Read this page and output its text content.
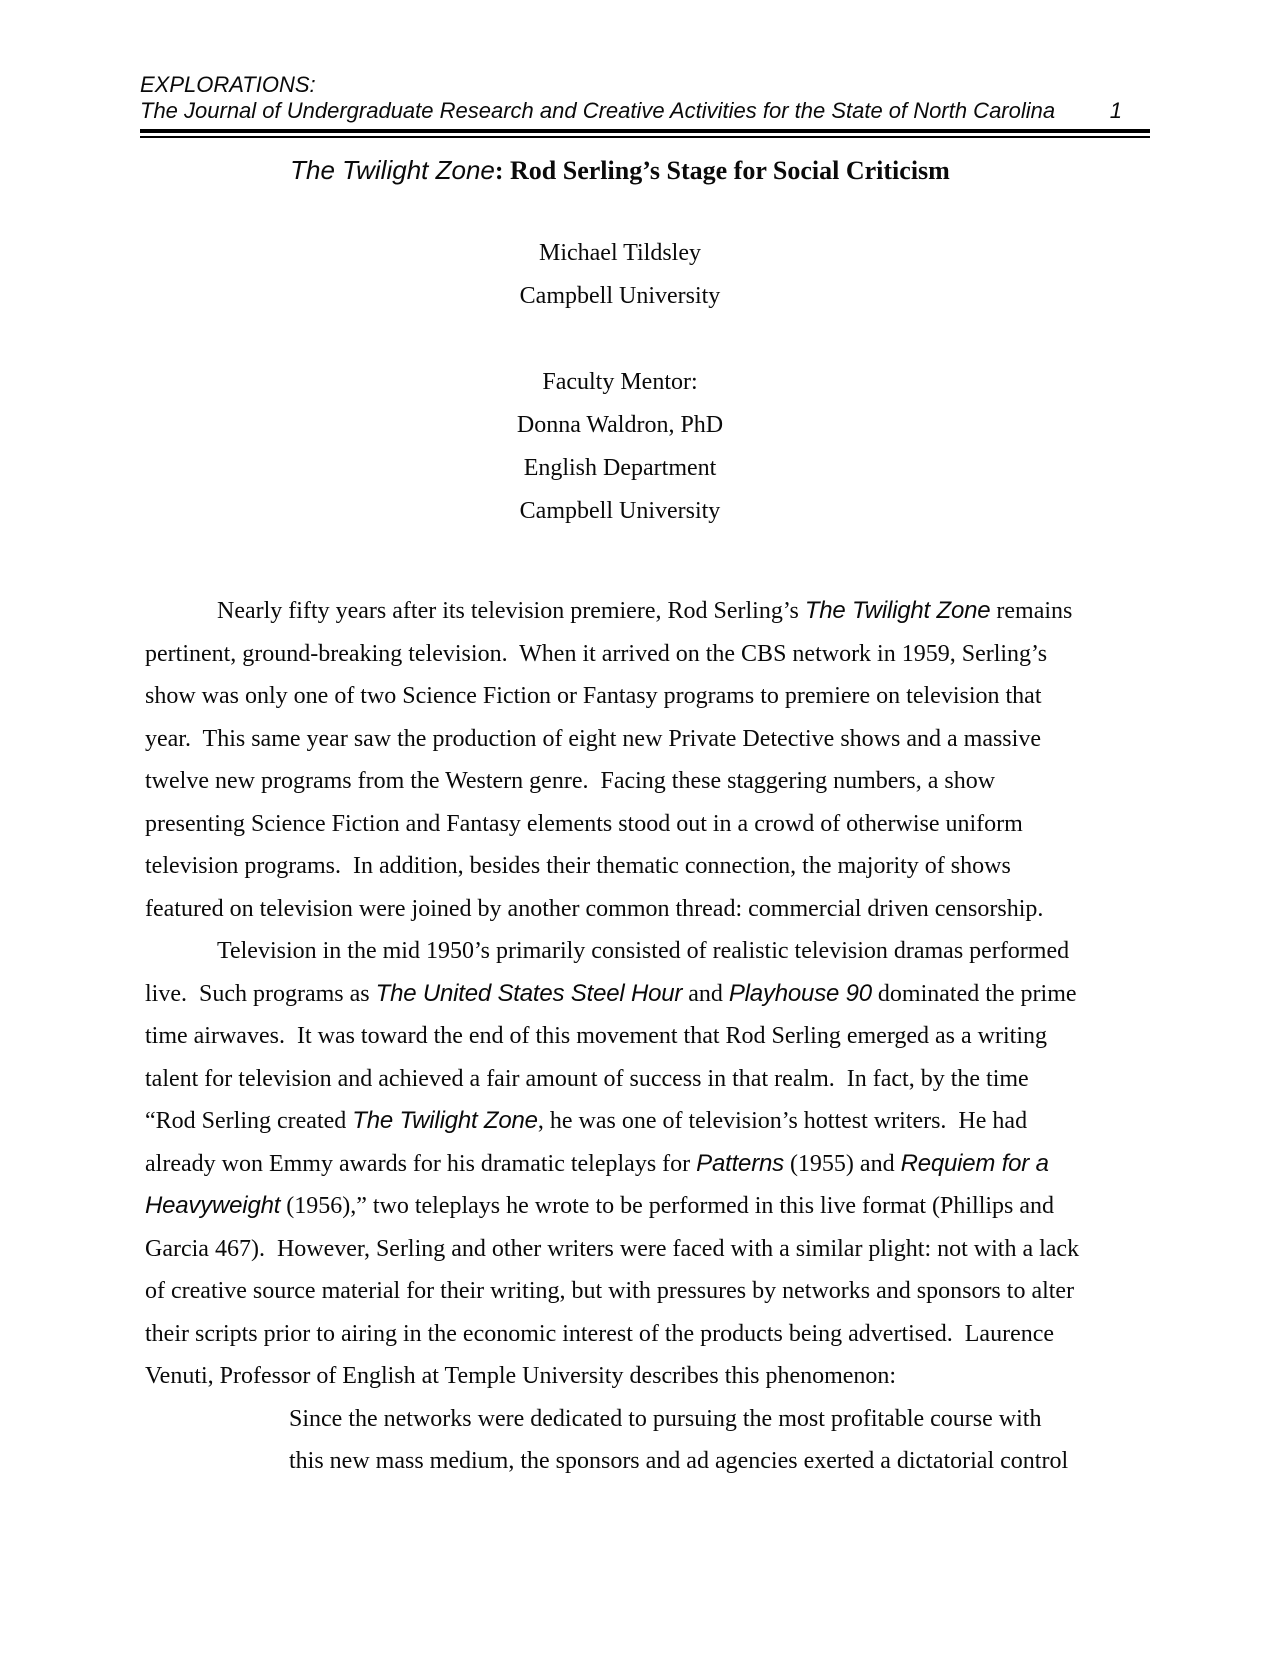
EXPLORATIONS:
The Journal of Undergraduate Research and Creative Activities for the State of North Carolina 1
The Twilight Zone: Rod Serling’s Stage for Social Criticism
Michael Tildsley
Campbell University
Faculty Mentor:
Donna Waldron, PhD
English Department
Campbell University
Nearly fifty years after its television premiere, Rod Serling’s The Twilight Zone remains
pertinent, ground-breaking television.  When it arrived on the CBS network in 1959, Serling’s
show was only one of two Science Fiction or Fantasy programs to premiere on television that
year.  This same year saw the production of eight new Private Detective shows and a massive
twelve new programs from the Western genre.  Facing these staggering numbers, a show
presenting Science Fiction and Fantasy elements stood out in a crowd of otherwise uniform
television programs.  In addition, besides their thematic connection, the majority of shows
featured on television were joined by another common thread: commercial driven censorship.
Television in the mid 1950’s primarily consisted of realistic television dramas performed
live.  Such programs as The United States Steel Hour and Playhouse 90 dominated the prime
time airwaves.  It was toward the end of this movement that Rod Serling emerged as a writing
talent for television and achieved a fair amount of success in that realm.  In fact, by the time
“Rod Serling created The Twilight Zone, he was one of television’s hottest writers.  He had
already won Emmy awards for his dramatic teleplays for Patterns (1955) and Requiem for a
Heavyweight (1956),” two teleplays he wrote to be performed in this live format (Phillips and
Garcia 467).  However, Serling and other writers were faced with a similar plight: not with a lack
of creative source material for their writing, but with pressures by networks and sponsors to alter
their scripts prior to airing in the economic interest of the products being advertised.  Laurence
Venuti, Professor of English at Temple University describes this phenomenon:
Since the networks were dedicated to pursuing the most profitable course with
this new mass medium, the sponsors and ad agencies exerted a dictatorial control
